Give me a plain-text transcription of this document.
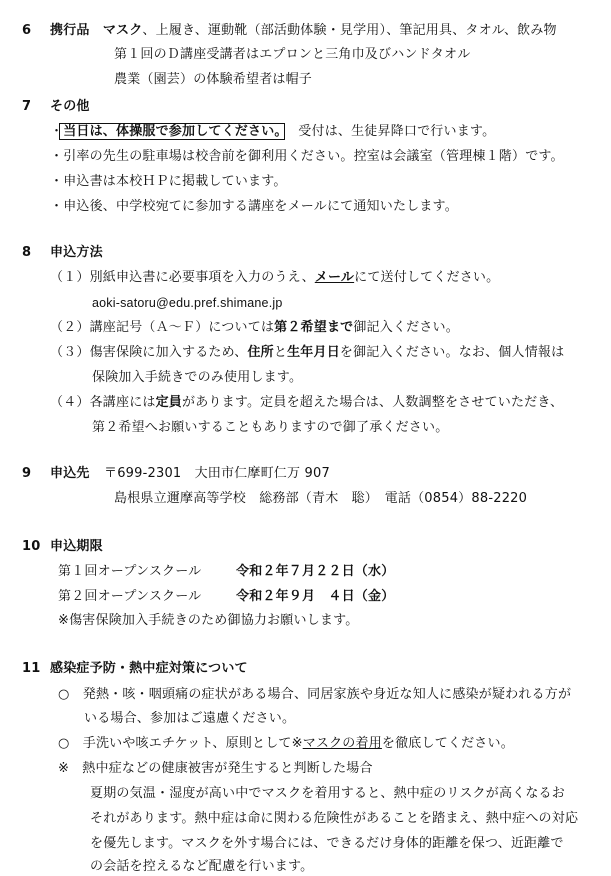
6 携行品　 マスク、上履き、運動靴（部活動体験・見学用）、筆記用具、タオル、飲み物
第１回のＤ講座受講者はエプロンと三角巾及びハンドタオル
農業（園芸）の体験希望者は帽子
7 その他
・当日は、体操服で参加してください。　受付は、生徒昇降口で行います。
・引率の先生の駐車場は校舎前を御利用ください。控室は会議室（管理棟１階）です。
・申込書は本校ＨＰに掲載しています。
・申込後、中学校宛てに参加する講座をメールにて通知いたします。
8 申込方法
（１）別紙申込書に必要事項を入力のうえ、メールにて送付してください。
aoki-satoru@edu.pref.shimane.jp
（２）講座記号（Ａ～Ｆ）については第２希望まで御記入ください。
（３）傷害保険に加入するため、住所と生年月日を御記入ください。なお、個人情報は
保険加入手続きでのみ使用します。
（４）各講座には定員があります。定員を超えた場合は、人数調整をさせていただき、
第２希望へお願いすることもありますので御了承ください。
9 申込先 〒699-2301　大田市仁摩町仁万 907
島根県立邇摩高等学校　総務部（青木　聡）　電話（0854）88-2220
10 申込期限
第１回オープンスクール	令和２年７月２２日（水）
第２回オープンスクール	令和２年９月　４日（金）
※傷害保険加入手続きのため御協力お願いします。
11 感染症予防・熱中症対策について
○　発熱・咳・咽頭痛の症状がある場合、同居家族や身近な知人に感染が疑われる方が
いる場合、参加はご遠慮ください。
○　手洗いや咳エチケット、原則として※マスクの着用を徹底してください。
※　熱中症などの健康被害が発生すると判断した場合
夏期の気温・湿度が高い中でマスクを着用すると、熱中症のリスクが高くなるお
それがあります。熱中症は命に関わる危険性があることを踏まえ、熱中症への対応
を優先します。マスクを外す場合には、できるだけ身体的距離を保つ、近距離で
の会話を控えるなど配慮を行います。
